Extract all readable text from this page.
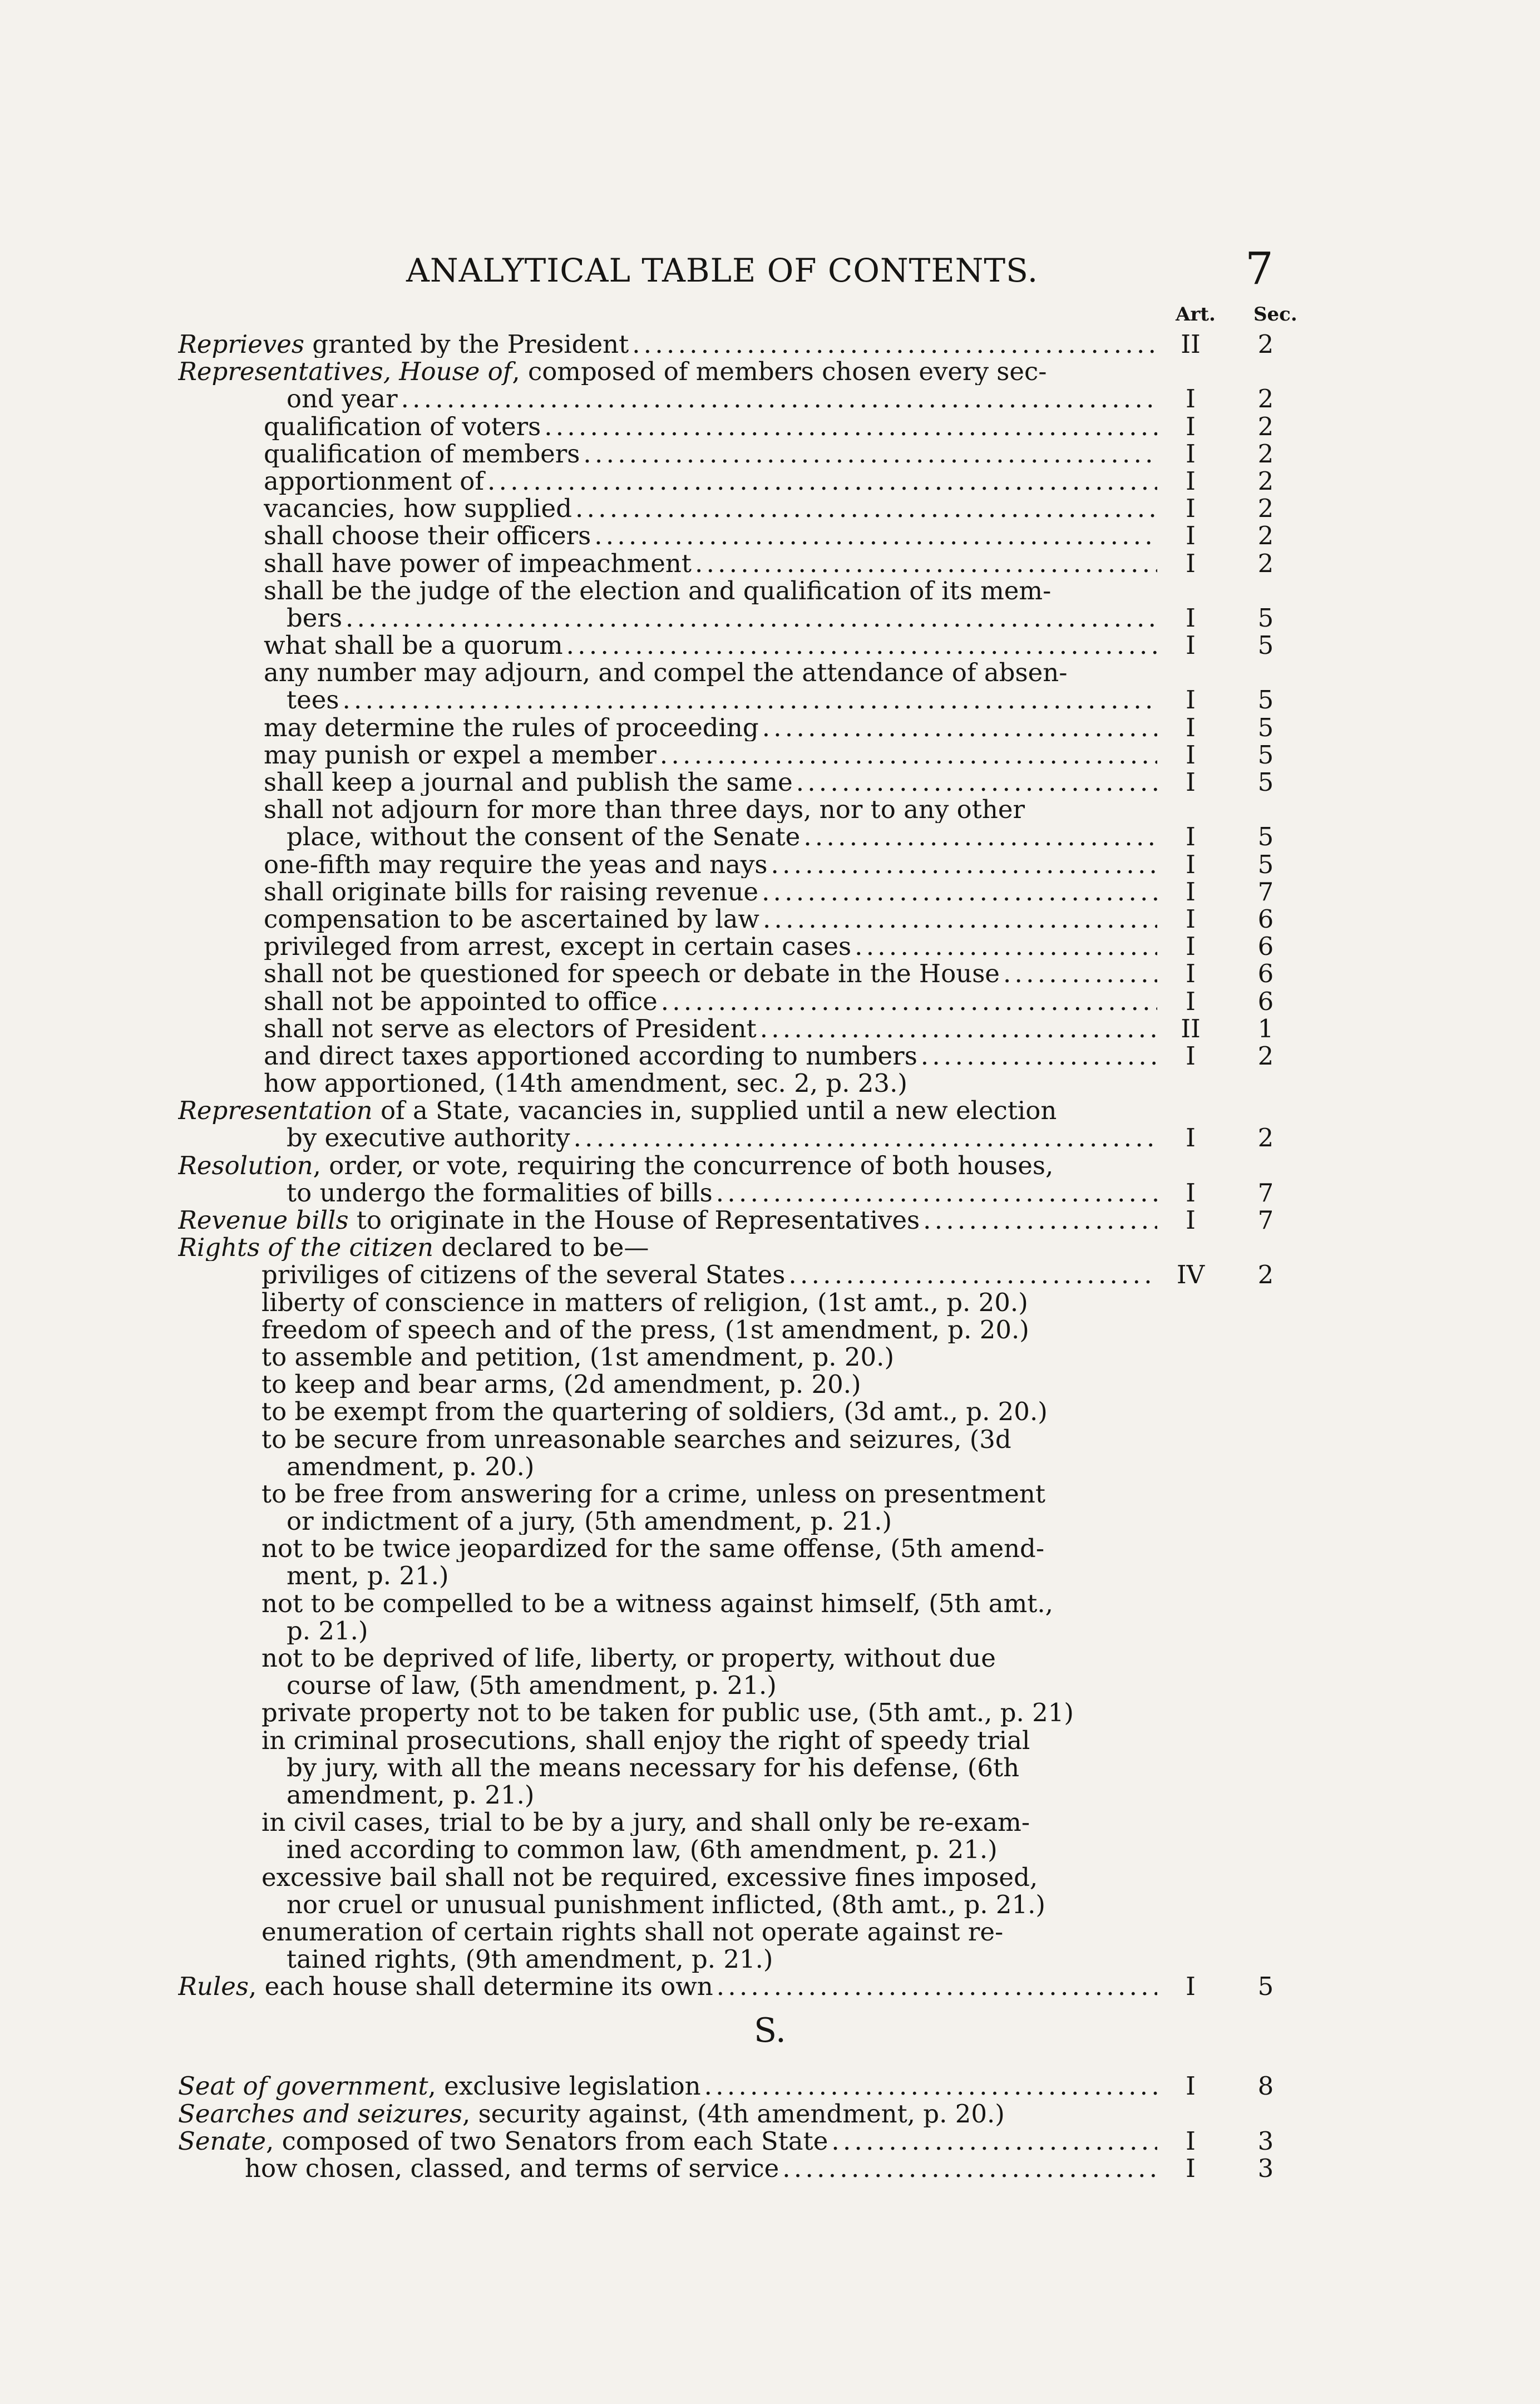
ANALYTICAL TABLE OF CONTENTS.	7
Art. Sec.
Reprieves granted by the President . . .	II	2
Representatives, House of, composed of members chosen every sec-
ond year . . .	I	2
qualification of voters . . .	I	2
qualification of members . . .	I	2
apportionment of . . .	I	2
vacancies, how supplied . . .	I	2
shall choose their officers . . .	I	2
shall have power of impeachment . . .	I	2
shall be the judge of the election and qualification of its mem-
bers . . .	I	5
what shall be a quorum . . .	I	5
any number may adjourn, and compel the attendance of absen-
tees . . .	I	5
may determine the rules of proceeding . . .	I	5
may punish or expel a member . . .	I	5
shall keep a journal and publish the same . . .	I	5
shall not adjourn for more than three days, nor to any other
place, without the consent of the Senate . . .	I	5
one-fifth may require the yeas and nays . . .	I	5
shall originate bills for raising revenue . . .	I	7
compensation to be ascertained by law . . .	I	6
privileged from arrest, except in certain cases . . .	I	6
shall not be questioned for speech or debate in the House . . .	I	6
shall not be appointed to office . . .	I	6
shall not serve as electors of President . . .	II	1
and direct taxes apportioned according to numbers . . .	I	2
how apportioned, (14th amendment, sec. 2, p. 23.)
Representation of a State, vacancies in, supplied until a new election
by executive authority . . .	I	2
Resolution, order, or vote, requiring the concurrence of both houses,
to undergo the formalities of bills . . .	I	7
Revenue bills to originate in the House of Representatives . . .	I	7
Rights of the citizen declared to be—
priviliges of citizens of the several States . . .	IV	2
liberty of conscience in matters of religion, (1st amt., p. 20.)
freedom of speech and of the press, (1st amendment, p. 20.)
to assemble and petition, (1st amendment, p. 20.)
to keep and bear arms, (2d amendment, p. 20.)
to be exempt from the quartering of soldiers, (3d amt., p. 20.)
to be secure from unreasonable searches and seizures, (3d
amendment, p. 20.)
to be free from answering for a crime, unless on presentment
or indictment of a jury, (5th amendment, p. 21.)
not to be twice jeopardized for the same offense, (5th amend-
ment, p. 21.)
not to be compelled to be a witness against himself, (5th amt.,
p. 21.)
not to be deprived of life, liberty, or property, without due
course of law, (5th amendment, p. 21.)
private property not to be taken for public use, (5th amt., p. 21)
in criminal prosecutions, shall enjoy the right of speedy trial
by jury, with all the means necessary for his defense, (6th
amendment, p. 21.)
in civil cases, trial to be by a jury, and shall only be re-exam-
ined according to common law, (6th amendment, p. 21.)
excessive bail shall not be required, excessive fines imposed,
nor cruel or unusual punishment inflicted, (8th amt., p. 21.)
enumeration of certain rights shall not operate against re-
tained rights, (9th amendment, p. 21.)
Rules, each house shall determine its own . . .	I	5
S.
Seat of government, exclusive legislation . . .	I	8
Searches and seizures, security against, (4th amendment, p. 20.)
Senate, composed of two Senators from each State . . .	I	3
how chosen, classed, and terms of service . . .	I	3
